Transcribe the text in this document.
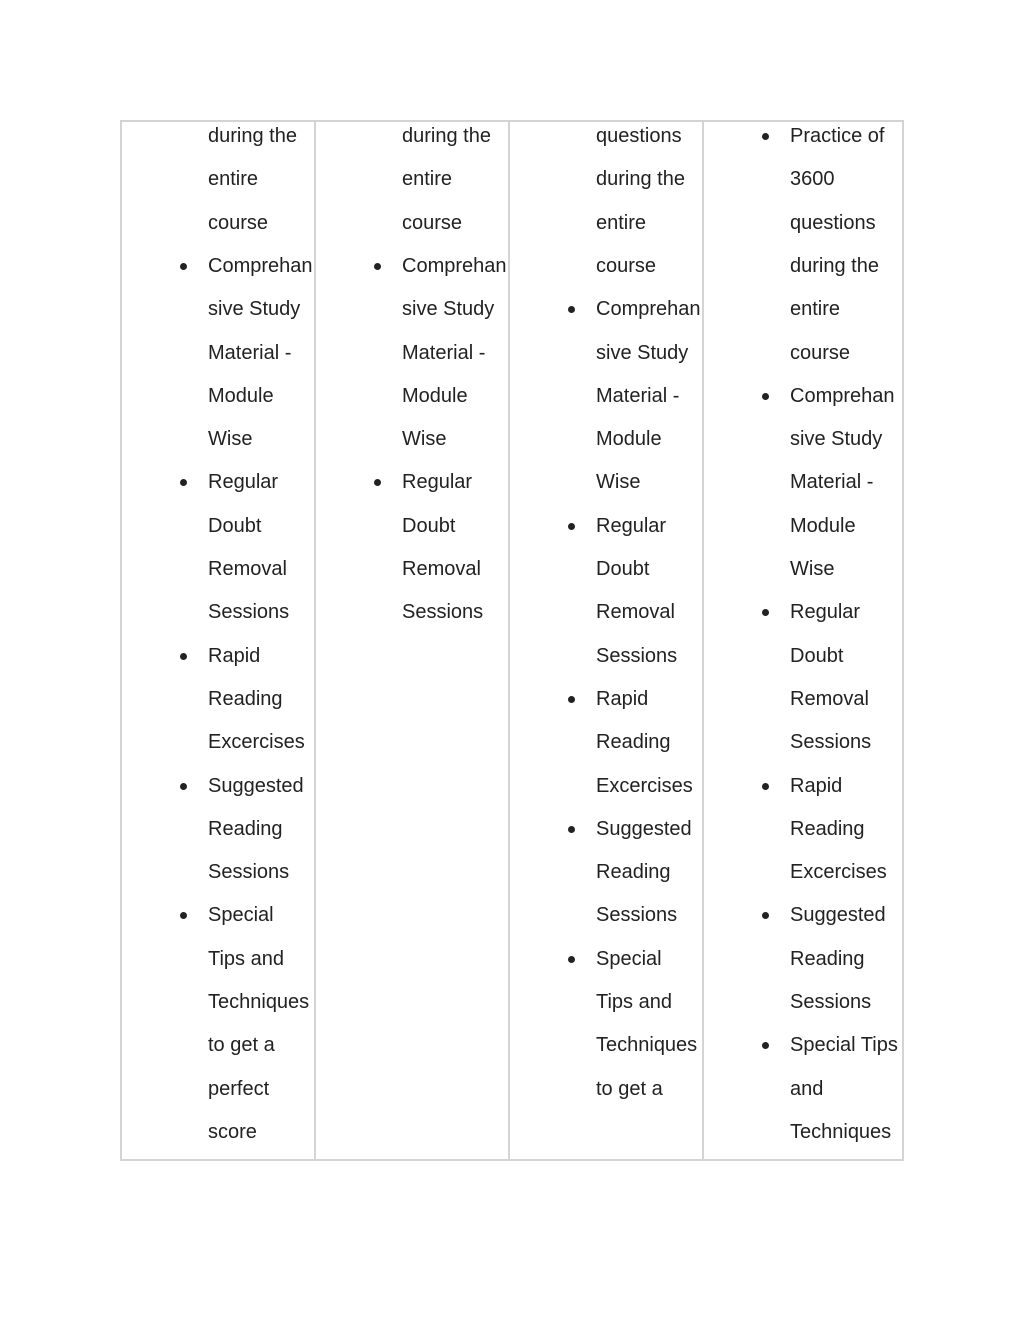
during the
entire
course
Comprehan
sive Study
Material -
Module
Wise
Regular
Doubt
Removal
Sessions
Rapid
Reading
Excercises
Suggested
Reading
Sessions
Special
Tips and
Techniques
to get a
perfect
score
during the
entire
course
Comprehan
sive Study
Material -
Module
Wise
Regular
Doubt
Removal
Sessions
questions
during the
entire
course
Comprehan
sive Study
Material -
Module
Wise
Regular
Doubt
Removal
Sessions
Rapid
Reading
Excercises
Suggested
Reading
Sessions
Special
Tips and
Techniques
to get a
Practice of
3600
questions
during the
entire
course
Comprehan
sive Study
Material -
Module
Wise
Regular
Doubt
Removal
Sessions
Rapid
Reading
Excercises
Suggested
Reading
Sessions
Special Tips
and
Techniques
